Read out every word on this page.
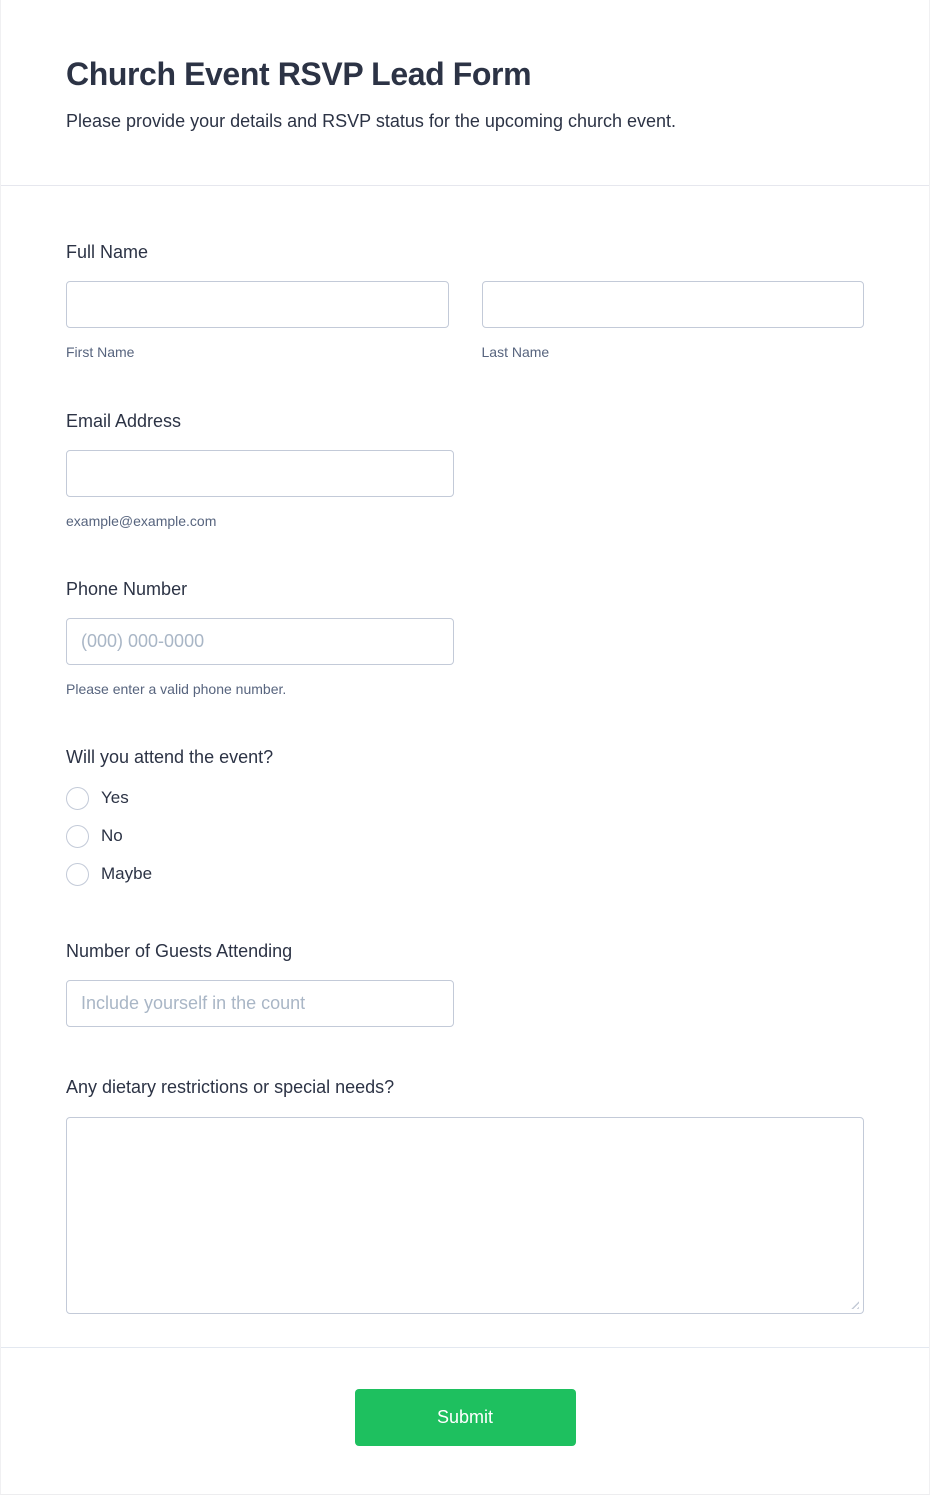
Church Event RSVP Lead Form
Please provide your details and RSVP status for the upcoming church event.
Full Name
First Name	Last Name
Email Address
example@example.com
Phone Number
(000) 000-0000
Please enter a valid phone number.
Will you attend the event?
Yes
No
Maybe
Number of Guests Attending
Include yourself in the count
Any dietary restrictions or special needs?
Submit
